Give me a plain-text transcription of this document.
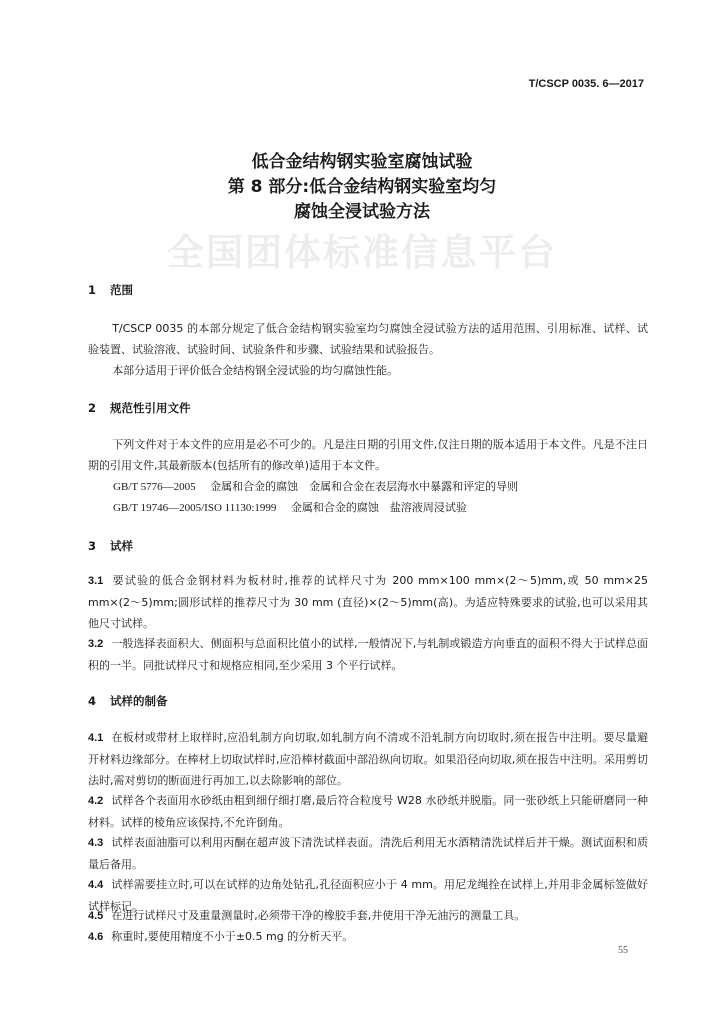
T/CSCP 0035. 6—2017
低合金结构钢实验室腐蚀试验
第 8 部分:低合金结构钢实验室均匀
腐蚀全浸试验方法
全国团体标准信息平台
1 范围
T/CSCP 0035 的本部分规定了低合金结构钢实验室均匀腐蚀全浸试验方法的适用范围、引用标准、试样、试验装置、试验溶液、试验时间、试验条件和步骤、试验结果和试验报告。
本部分适用于评价低合金结构钢全浸试验的均匀腐蚀性能。
2 规范性引用文件
下列文件对于本文件的应用是必不可少的。凡是注日期的引用文件,仅注日期的版本适用于本文件。凡是不注日期的引用文件,其最新版本(包括所有的修改单)适用于本文件。
GB/T 5776—2005　 金属和合金的腐蚀　金属和合金在表层海水中暴露和评定的导则
GB/T 19746—2005/ISO 11130:1999　 金属和合金的腐蚀　盐溶液周浸试验
3 试样
3.1 要试验的低合金钢材料为板材时,推荐的试样尺寸为 200 mm×100 mm×(2～5)mm,或 50 mm×25 mm×(2～5)mm;圆形试样的推荐尺寸为 30 mm (直径)×(2～5)mm(高)。为适应特殊要求的试验,也可以采用其他尺寸试样。
3.2 一般选择表面积大、侧面积与总面积比值小的试样,一般情况下,与轧制或锻造方向垂直的面积不得大于试样总面积的一半。同批试样尺寸和规格应相同,至少采用 3 个平行试样。
4 试样的制备
4.1 在板材或带材上取样时,应沿轧制方向切取,如轧制方向不清或不沿轧制方向切取时,须在报告中注明。要尽量避开材料边缘部分。在棒材上切取试样时,应沿棒材截面中部沿纵向切取。如果沿径向切取,须在报告中注明。采用剪切法时,需对剪切的断面进行再加工,以去除影响的部位。
4.2 试样各个表面用水砂纸由粗到细仔细打磨,最后符合粒度号 W28 水砂纸并脱脂。同一张砂纸上只能研磨同一种材料。试样的棱角应该保持,不允许倒角。
4.3 试样表面油脂可以利用丙酮在超声波下清洗试样表面。清洗后利用无水酒精清洗试样后并干燥。测试面积和质量后备用。
4.4 试样需要挂立时,可以在试样的边角处钻孔,孔径面积应小于 4 mm。用尼龙绳拴在试样上,并用非金属标签做好试样标记。
4.5 在进行试样尺寸及重量测量时,必须带干净的橡胶手套,并使用干净无油污的测量工具。
4.6 称重时,要使用精度不小于±0.5 mg 的分析天平。
55
